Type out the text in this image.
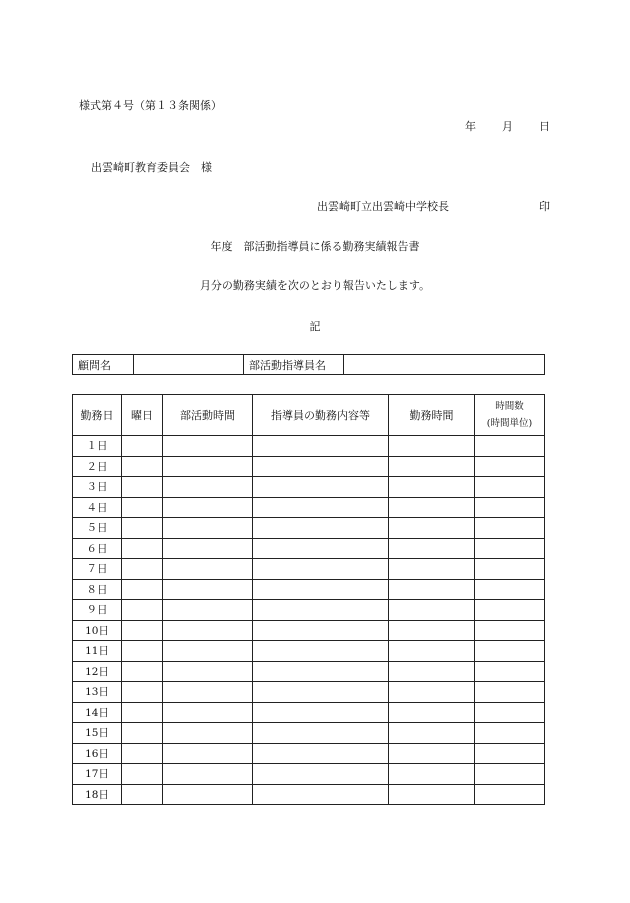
様式第４号（第１３条関係）
年 月 日
出雲崎町教育委員会　様
出雲崎町立出雲崎中学校長	印
年度　部活動指導員に係る勤務実績報告書
月分の勤務実績を次のとおり報告いたします。
記
顧問名		部活動指導員名	
勤務日	曜日	部活動時間	指導員の勤務内容等	勤務時間	時間数
(時間単位)

１日					
２日					
３日					
４日					
５日					
６日					
７日					
８日					
９日					
10日					
11日					
12日					
13日					
14日					
15日					
16日					
17日					
18日					
